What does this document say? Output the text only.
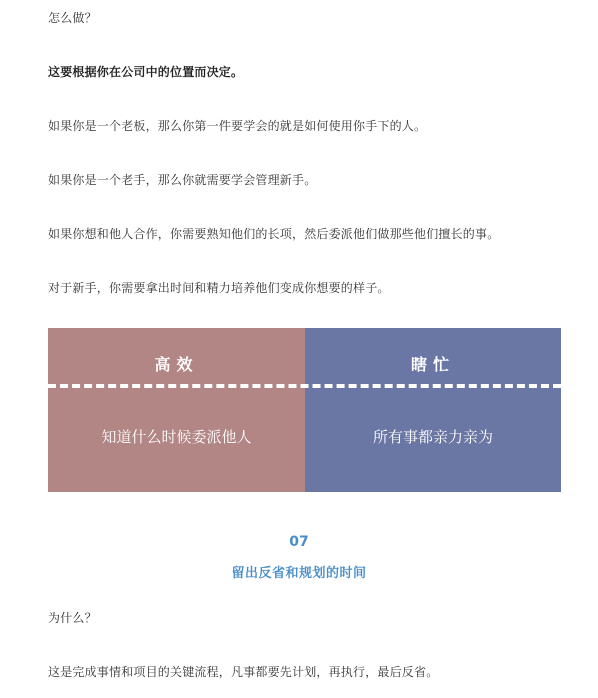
怎么做？
这要根据你在公司中的位置而决定。
如果你是一个老板，那么你第一件要学会的就是如何使用你手下的人。
如果你是一个老手，那么你就需要学会管理新手。
如果你想和他人合作，你需要熟知他们的长项，然后委派他们做那些他们擅长的事。
对于新手，你需要拿出时间和精力培养他们变成你想要的样子。
高效
知道什么时候委派他人
瞎忙
所有事都亲力亲为
07
留出反省和规划的时间
为什么？
这是完成事情和项目的关键流程，凡事都要先计划，再执行，最后反省。
